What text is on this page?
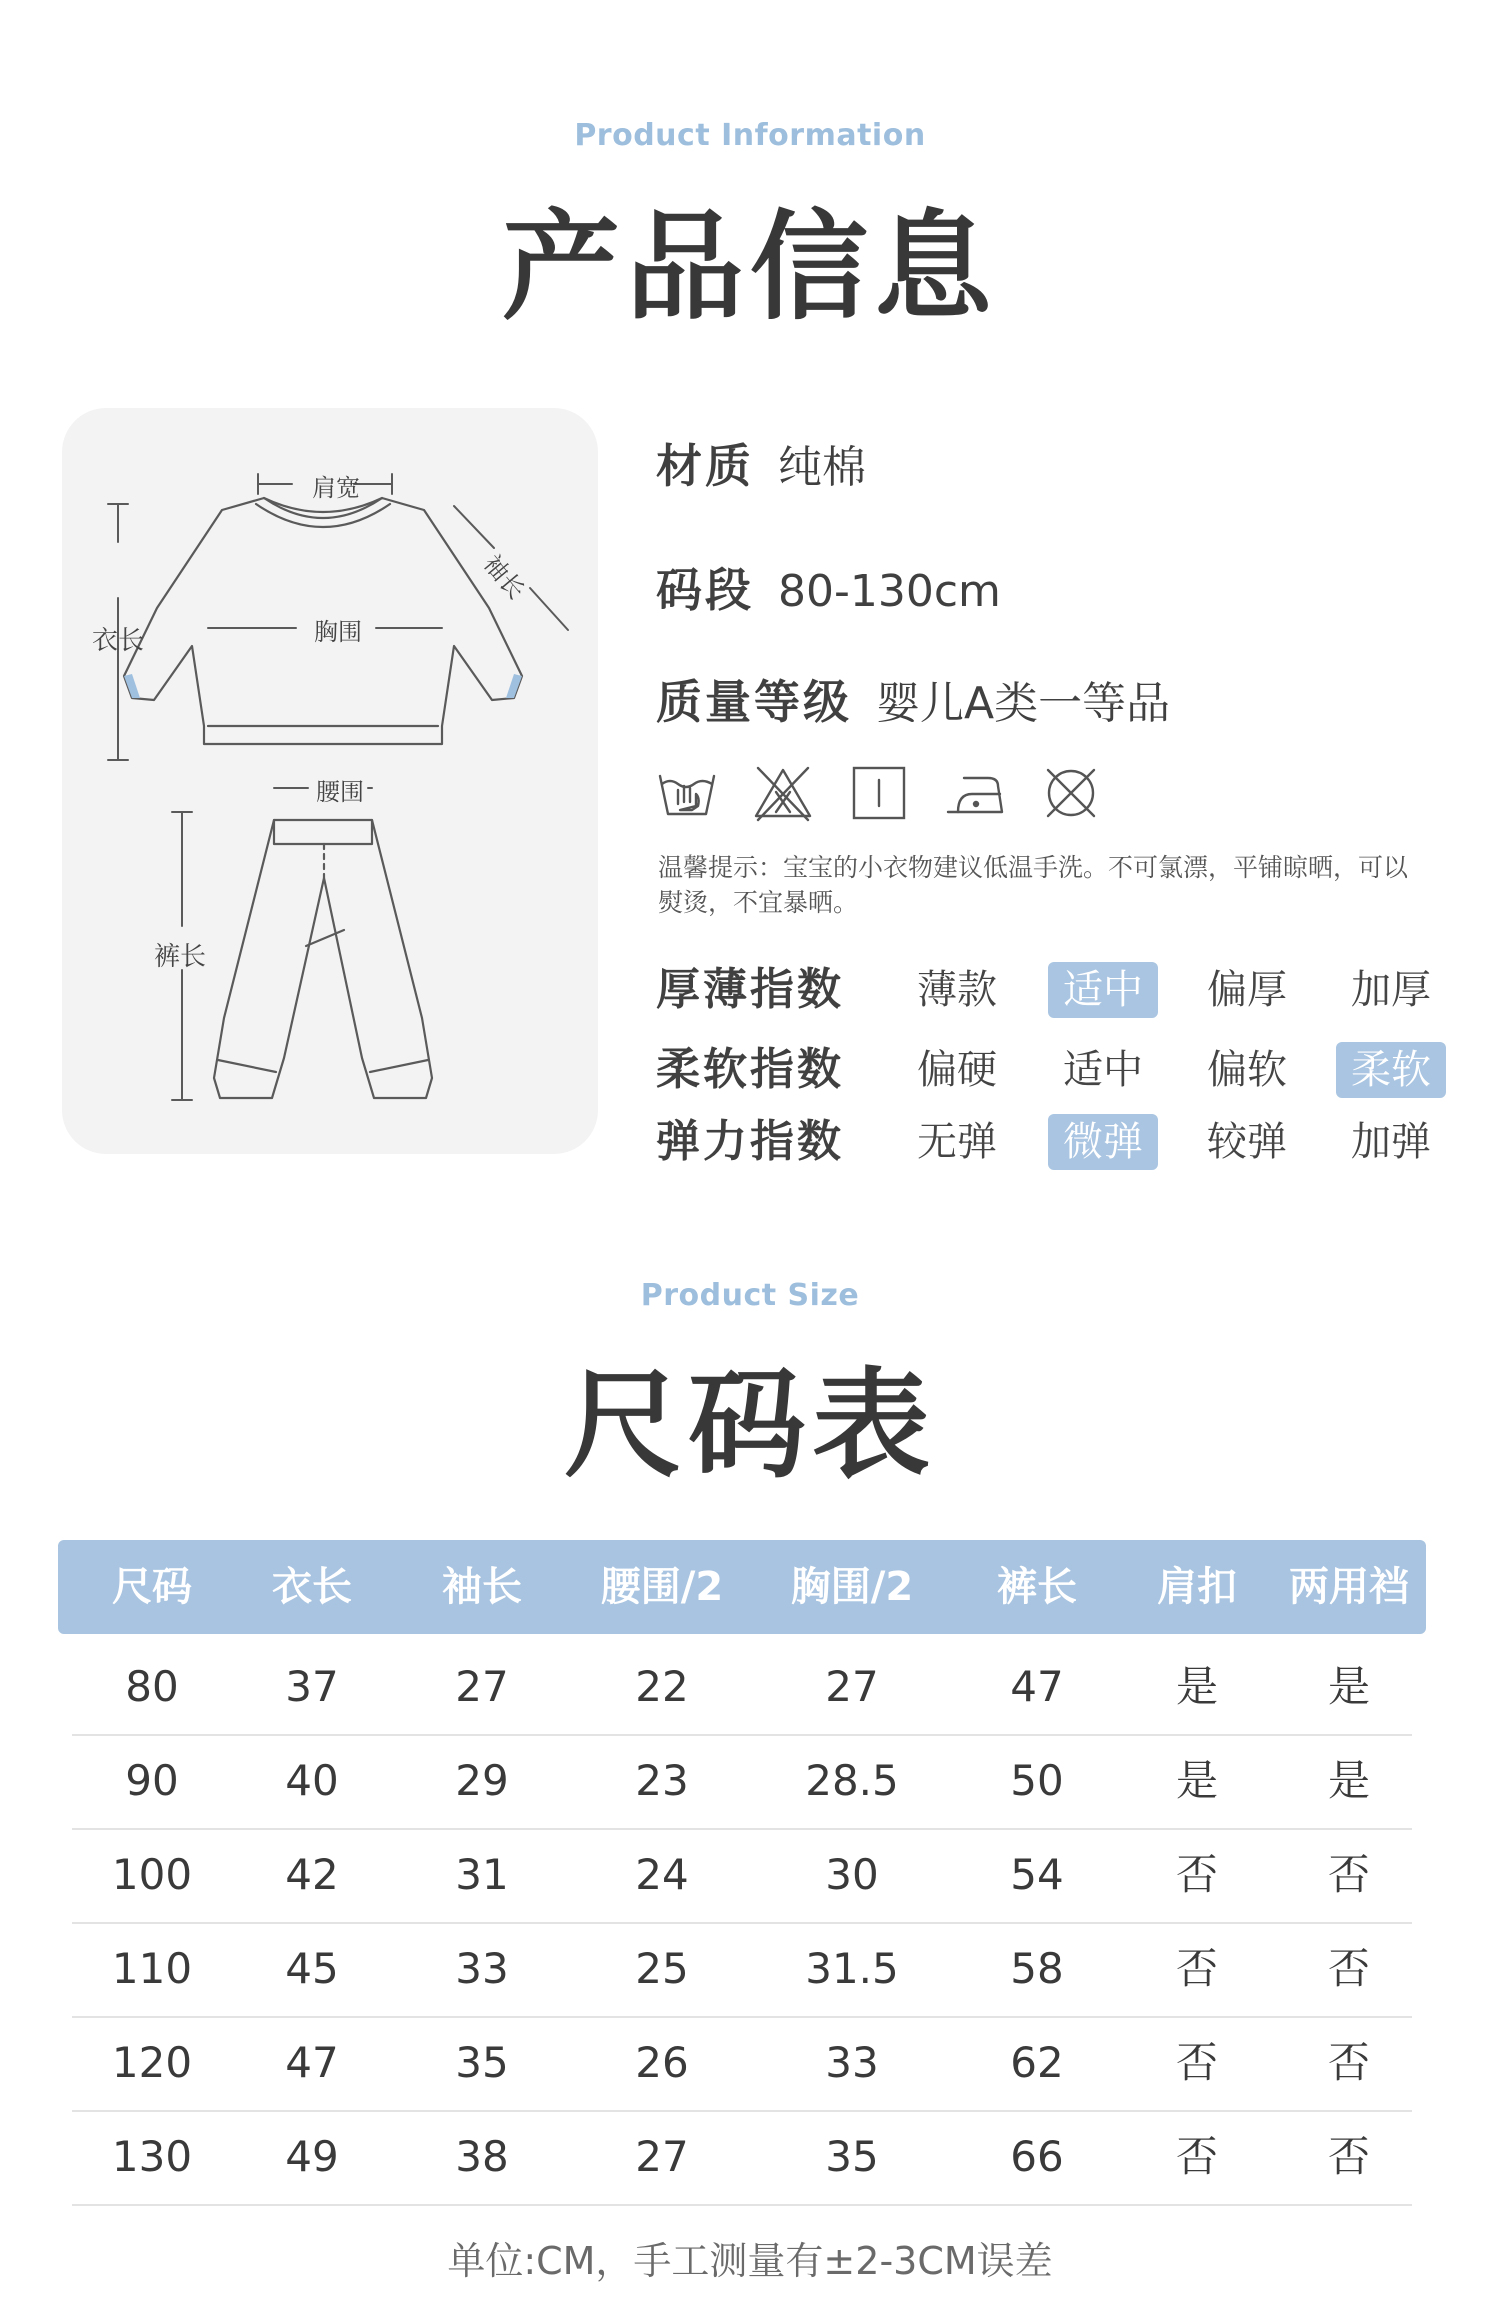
Product Information
产品信息
肩宽
袖长
衣长	胸围
腰围
裤长
材质 纯棉
码段 80-130cm
质量等级 婴儿A类一等品
温馨提示：宝宝的小衣物建议低温手洗。不可氯漂，平铺晾晒，可以熨烫，不宜暴晒。
厚薄指数	薄款	适中	偏厚	加厚
柔软指数	偏硬	适中	偏软	柔软
弹力指数	无弹	微弹	较弹	加弹
Product Size
尺码表
尺码	衣长	袖长	腰围/2	胸围/2	裤长	肩扣	两用裆
80	37	27	22	27	47	是	是
90	40	29	23	28.5	50	是	是
100	42	31	24	30	54	否	否
110	45	33	25	31.5	58	否	否
120	47	35	26	33	62	否	否
130	49	38	27	35	66	否	否
单位:CM，手工测量有±2-3CM误差
